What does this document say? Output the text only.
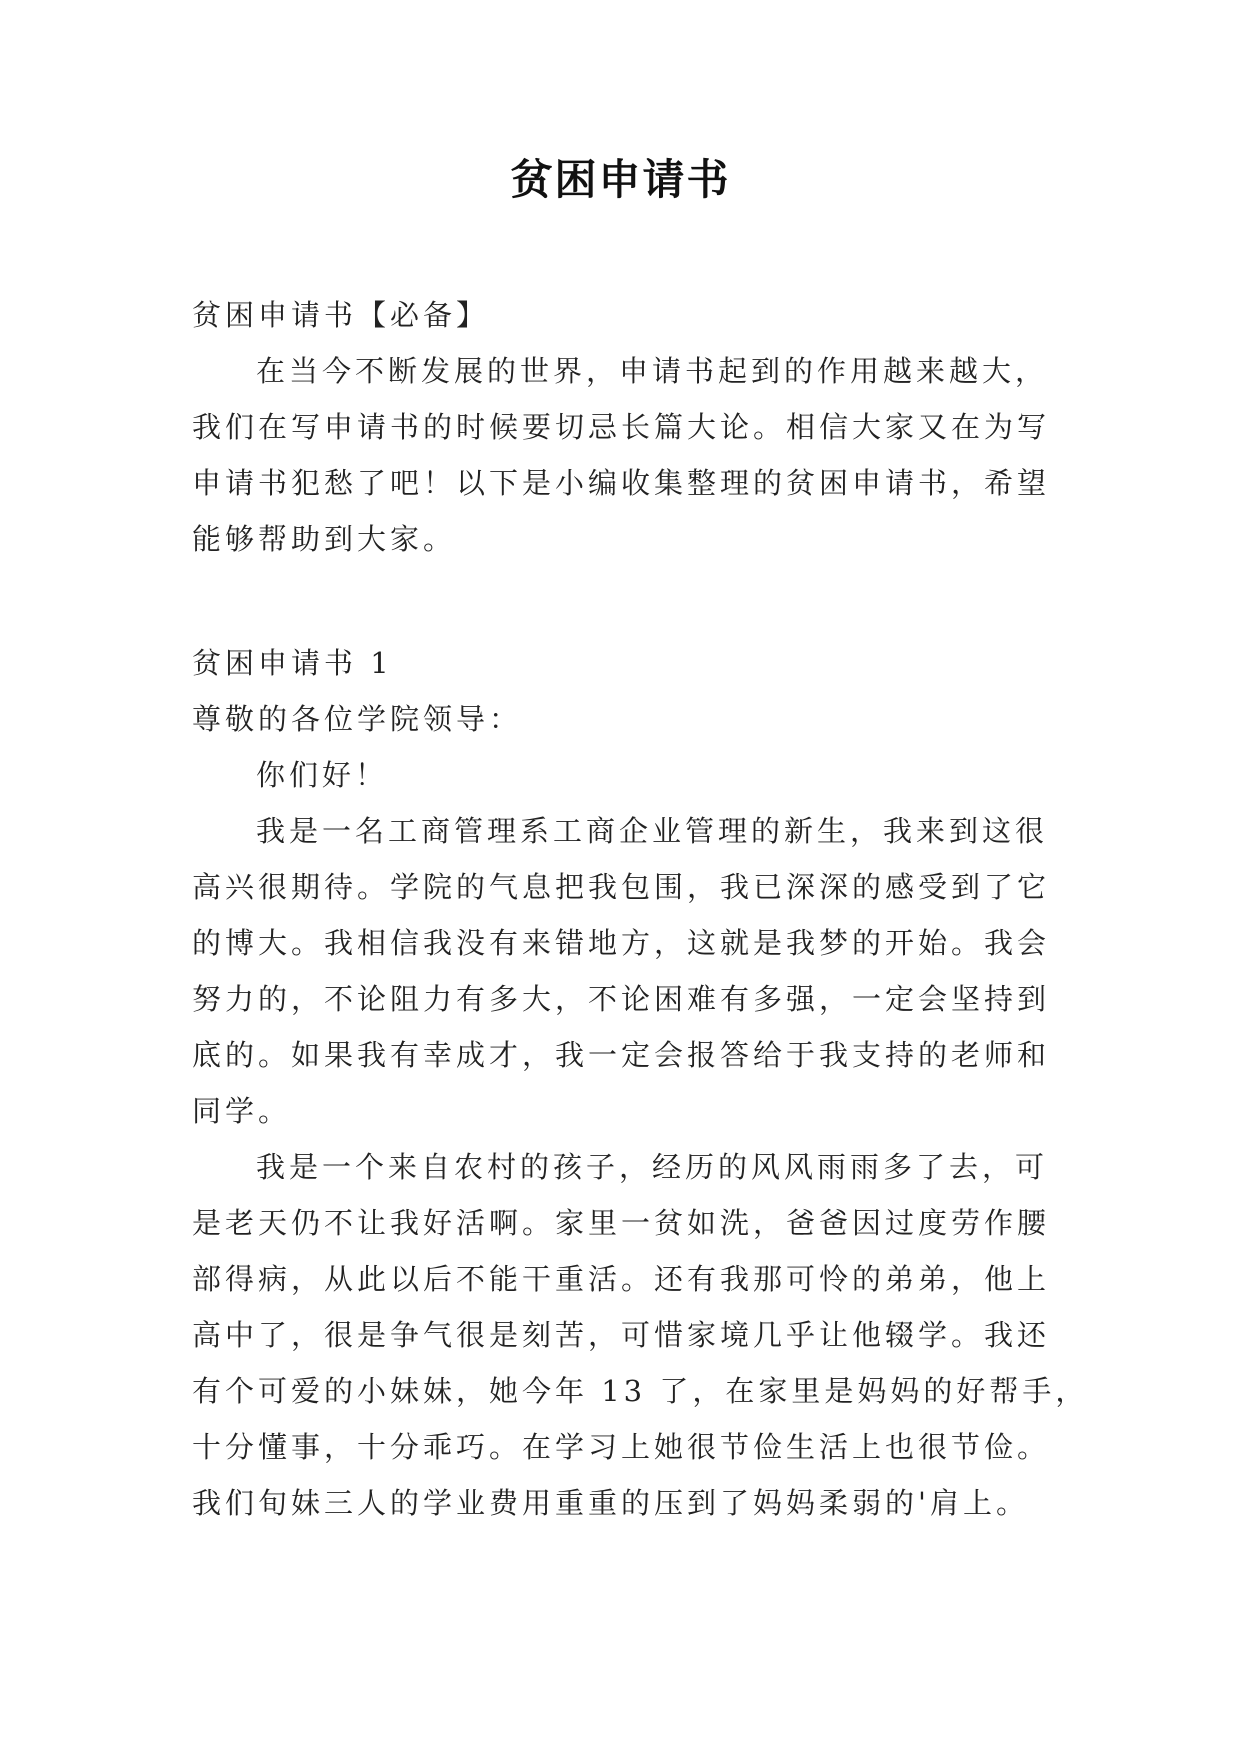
贫困申请书
贫困申请书【必备】
在当今不断发展的世界，申请书起到的作用越来越大，
我们在写申请书的时候要切忌长篇大论。相信大家又在为写
申请书犯愁了吧！以下是小编收集整理的贫困申请书，希望
能够帮助到大家。
贫困申请书 1
尊敬的各位学院领导：
你们好！
我是一名工商管理系工商企业管理的新生，我来到这很
高兴很期待。学院的气息把我包围，我已深深的感受到了它
的博大。我相信我没有来错地方，这就是我梦的开始。我会
努力的，不论阻力有多大，不论困难有多强，一定会坚持到
底的。如果我有幸成才，我一定会报答给于我支持的老师和
同学。
我是一个来自农村的孩子，经历的风风雨雨多了去，可
是老天仍不让我好活啊。家里一贫如洗，爸爸因过度劳作腰
部得病，从此以后不能干重活。还有我那可怜的弟弟，他上
高中了，很是争气很是刻苦，可惜家境几乎让他辍学。我还
有个可爱的小妹妹，她今年 13 了，在家里是妈妈的好帮手，
十分懂事，十分乖巧。在学习上她很节俭生活上也很节俭。
我们旬妹三人的学业费用重重的压到了妈妈柔弱的'肩上。
